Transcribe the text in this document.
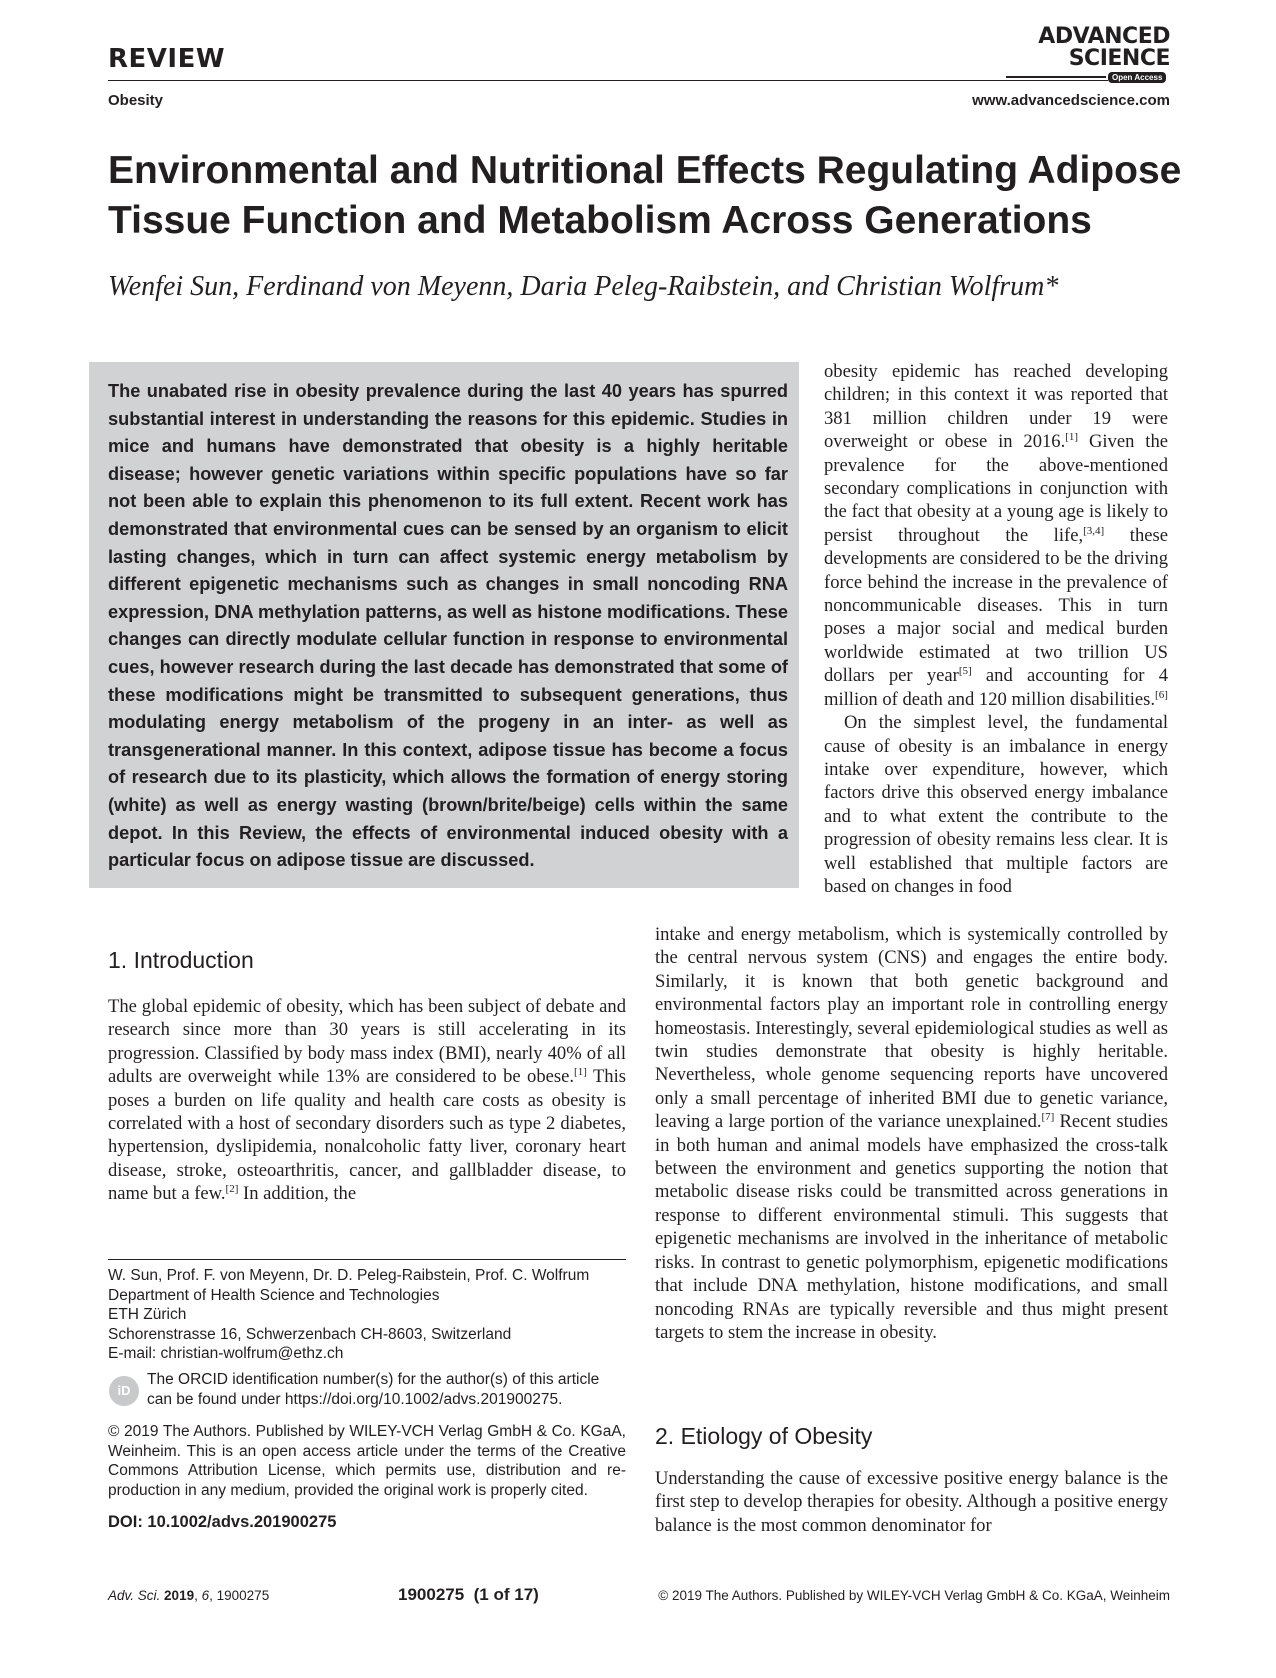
REVIEW
Obesity
ADVANCED
SCIENCE
Open Access
www.advancedscience.com
Environmental and Nutritional Effects Regulating Adipose Tissue Function and Metabolism Across Generations
Wenfei Sun, Ferdinand von Meyenn, Daria Peleg-Raibstein, and Christian Wolfrum*

The unabated rise in obesity prevalence during the last 40 years has spurred substantial interest in understanding the reasons for this epidemic. Studies in mice and humans have demonstrated that obesity is a highly heritable disease; however genetic variations within specific populations have so far not been able to explain this phenomenon to its full extent. Recent work has demonstrated that environmental cues can be sensed by an organism to elicit lasting changes, which in turn can affect systemic energy metabolism by different epigenetic mechanisms such as changes in small noncoding RNA expression, DNA methylation patterns, as well as histone modifications. These changes can directly modulate cellular function in response to environmental cues, however research during the last decade has demonstrated that some of these modifications might be transmitted to subsequent generations, thus modulating energy metabolism of the progeny in an inter- as well as transgenerational manner. In this context, adipose tissue has become a focus of research due to its plasticity, which allows the formation of energy storing (white) as well as energy wasting (brown/brite/beige) cells within the same depot. In this Review, the effects of environmental induced obesity with a particular focus on adipose tissue are discussed.

obesity epidemic has reached developing children; in this context it was reported that 381 million children under 19 were overweight or obese in 2016.[1] Given the prevalence for the above-mentioned secondary complications in conjunction with the fact that obesity at a young age is likely to persist throughout the life,[3,4] these developments are considered to be the driving force behind the increase in the prevalence of noncommunicable diseases. This in turn poses a major social and medical burden worldwide estimated at two trillion US dollars per year[5] and accounting for 4 million of death and 120 million disabilities.[6]

On the simplest level, the fundamental cause of obesity is an imbalance in energy intake over expenditure, however, which factors drive this observed energy imbalance and to what extent the contribute to the progression of obesity remains less clear. It is well established that multiple factors are based on changes in food

intake and energy metabolism, which is systemically controlled by the central nervous system (CNS) and engages the entire body. Similarly, it is known that both genetic background and environmental factors play an important role in controlling energy homeostasis. Interestingly, several epidemiological studies as well as twin studies demonstrate that obesity is highly heritable. Nevertheless, whole genome sequencing reports have uncovered only a small percentage of inherited BMI due to genetic variance, leaving a large portion of the variance unexplained.[7] Recent studies in both human and animal models have emphasized the cross-talk between the environment and genetics supporting the notion that metabolic disease risks could be transmitted across generations in response to different environmental stimuli. This suggests that epigenetic mechanisms are involved in the inheritance of metabolic risks. In contrast to genetic polymorphism, epigenetic modifications that include DNA methylation, histone modifications, and small noncoding RNAs are typically reversible and thus might present targets to stem the increase in obesity.

1. Introduction

The global epidemic of obesity, which has been subject of debate and research since more than 30 years is still accelerating in its progression. Classified by body mass index (BMI), nearly 40% of all adults are overweight while 13% are considered to be obese.[1] This poses a burden on life quality and health care costs as obesity is correlated with a host of secondary disorders such as type 2 diabetes, hypertension, dyslipidemia, nonalcoholic fatty liver, coronary heart disease, stroke, osteoarthritis, cancer, and gallbladder disease, to name but a few.[2] In addition, the

W. Sun, Prof. F. von Meyenn, Dr. D. Peleg-Raibstein, Prof. C. Wolfrum
Department of Health Science and Technologies
ETH Zürich
Schorenstrasse 16, Schwerzenbach CH-8603, Switzerland
E-mail: christian-wolfrum@ethz.ch
iD

The ORCID identification number(s) for the author(s) of this article can be found under https://doi.org/10.1002/advs.201900275.

© 2019 The Authors. Published by WILEY-VCH Verlag GmbH & Co. KGaA, Weinheim. This is an open access article under the terms of the Creative Commons Attribution License, which permits use, distribution and reproduction in any medium, provided the original work is properly cited.

DOI: 10.1002/advs.201900275
2. Etiology of Obesity

Understanding the cause of excessive positive energy balance is the first step to develop therapies for obesity. Although a positive energy balance is the most common denominator for

Adv. Sci. 2019, 6, 1900275	1900275  (1 of 17)	© 2019 The Authors. Published by WILEY-VCH Verlag GmbH & Co. KGaA, Weinheim
